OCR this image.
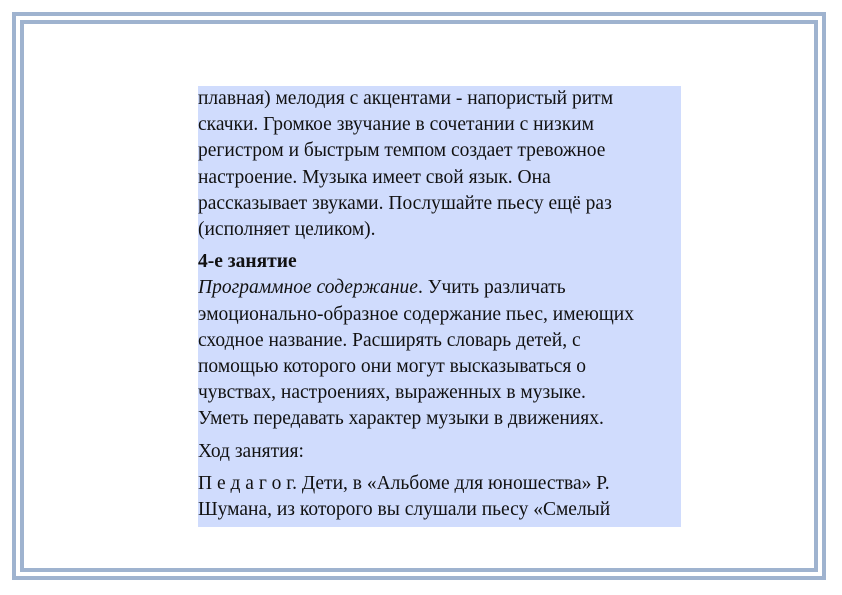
плавная) мелодия с акцентами - напористый ритм
скачки. Громкое звучание в сочетании с низким
регистром и быстрым темпом создает тревожное
настроение. Музыка имеет свой язык. Она
рассказывает звуками. Послушайте пьесу ещё раз
(исполняет целиком).

4-е занятие

Программное содержание. Учить различать
эмоционально-образное содержание пьес, имеющих
сходное название. Расширять словарь детей, с
помощью которого они могут высказываться о
чувствах, настроениях, выраженных в музыке.
Уметь передавать характер музыки в движениях.

Ход занятия:

П е д а г о г. Дети, в «Альбоме для юношества» Р.
Шумана, из которого вы слушали пьесу «Смелый
